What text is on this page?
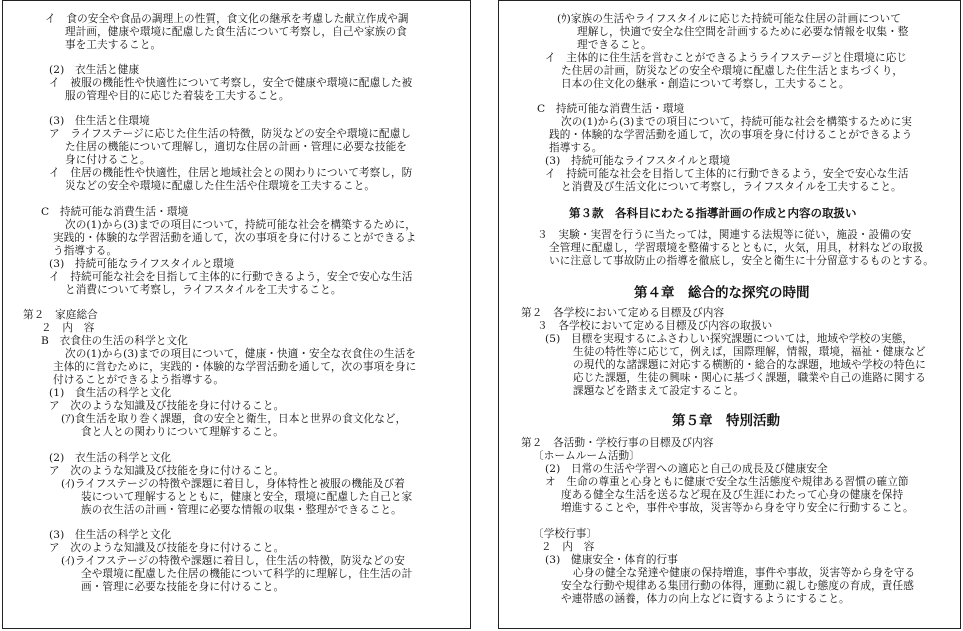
イ　食の安全や食品の調理上の性質，食文化の継承を考慮した献立作成や調
理計画，健康や環境に配慮した食生活について考察し，自己や家族の食
事を工夫すること。
(2)　衣生活と健康
イ　被服の機能性や快適性について考察し，安全で健康や環境に配慮した被
服の管理や目的に応じた着装を工夫すること。
(3)　住生活と住環境
ア　ライフステージに応じた住生活の特徴，防災などの安全や環境に配慮し
た住居の機能について理解し，適切な住居の計画・管理に必要な技能を
身に付けること。
イ　住居の機能性や快適性，住居と地域社会との関わりについて考察し，防
災などの安全や環境に配慮した住生活や住環境を工夫すること。
C　持続可能な消費生活・環境
次の(1)から(3)までの項目について，持続可能な社会を構築するために，
実践的・体験的な学習活動を通して，次の事項を身に付けることができるよ
う指導する。
(3)　持続可能なライフスタイルと環境
イ　持続可能な社会を目指して主体的に行動できるよう，安全で安心な生活
と消費について考察し，ライフスタイルを工夫すること。
第２　家庭総合
２　内　容
B　衣食住の生活の科学と文化
次の(1)から(3)までの項目について，健康・快適・安全な衣食住の生活を
主体的に営むために，実践的・体験的な学習活動を通して，次の事項を身に
付けることができるよう指導する。
(1)　食生活の科学と文化
ア　次のような知識及び技能を身に付けること。
(ｱ)食生活を取り巻く課題，食の安全と衛生，日本と世界の食文化など，
食と人との関わりについて理解すること。
(2)　衣生活の科学と文化
ア　次のような知識及び技能を身に付けること。
(ｲ)ライフステージの特徴や課題に着目し，身体特性と被服の機能及び着
装について理解するとともに，健康と安全，環境に配慮した自己と家
族の衣生活の計画・管理に必要な情報の収集・整理ができること。
(3)　住生活の科学と文化
ア　次のような知識及び技能を身に付けること。
(ｲ)ライフステージの特徴や課題に着目し，住生活の特徴，防災などの安
全や環境に配慮した住居の機能について科学的に理解し，住生活の計
画・管理に必要な技能を身に付けること。
(ｳ)家族の生活やライフスタイルに応じた持続可能な住居の計画について
理解し，快適で安全な住空間を計画するために必要な情報を収集・整
理できること。
イ　主体的に住生活を営むことができるようライフステージと住環境に応じ
た住居の計画，防災などの安全や環境に配慮した住生活とまちづくり，
日本の住文化の継承・創造について考察し，工夫すること。
C　持続可能な消費生活・環境
次の(1)から(3)までの項目について，持続可能な社会を構築するために実
践的・体験的な学習活動を通して，次の事項を身に付けることができるよう
指導する。
(3)　持続可能なライフスタイルと環境
イ　持続可能な社会を目指して主体的に行動できるよう，安全で安心な生活
と消費及び生活文化について考察し，ライフスタイルを工夫すること。
第３款　各科目にわたる指導計画の作成と内容の取扱い
３　実験・実習を行うに当たっては，関連する法規等に従い，施設・設備の安
全管理に配慮し，学習環境を整備するとともに，火気，用具，材料などの取扱
いに注意して事故防止の指導を徹底し，安全と衛生に十分留意するものとする。
第４章　総合的な探究の時間
第２　各学校において定める目標及び内容
３　各学校において定める目標及び内容の取扱い
(5)　目標を実現するにふさわしい探究課題については，地域や学校の実態，
生徒の特性等に応じて，例えば，国際理解，情報，環境，福祉・健康など
の現代的な諸課題に対応する横断的・総合的な課題，地域や学校の特色に
応じた課題，生徒の興味・関心に基づく課題，職業や自己の進路に関する
課題などを踏まえて設定すること。
第５章　特別活動
第２　各活動・学校行事の目標及び内容
〔ホームルーム活動〕
(2)　日常の生活や学習への適応と自己の成長及び健康安全
オ　生命の尊重と心身ともに健康で安全な生活態度や規律ある習慣の確立節
度ある健全な生活を送るなど現在及び生涯にわたって心身の健康を保持
増進することや，事件や事故，災害等から身を守り安全に行動すること。
〔学校行事〕
２　内　容
(3)　健康安全・体育的行事
心身の健全な発達や健康の保持増進，事件や事故，災害等から身を守る
安全な行動や規律ある集団行動の体得，運動に親しむ態度の育成，責任感
や連帯感の涵養，体力の向上などに資するようにすること。
